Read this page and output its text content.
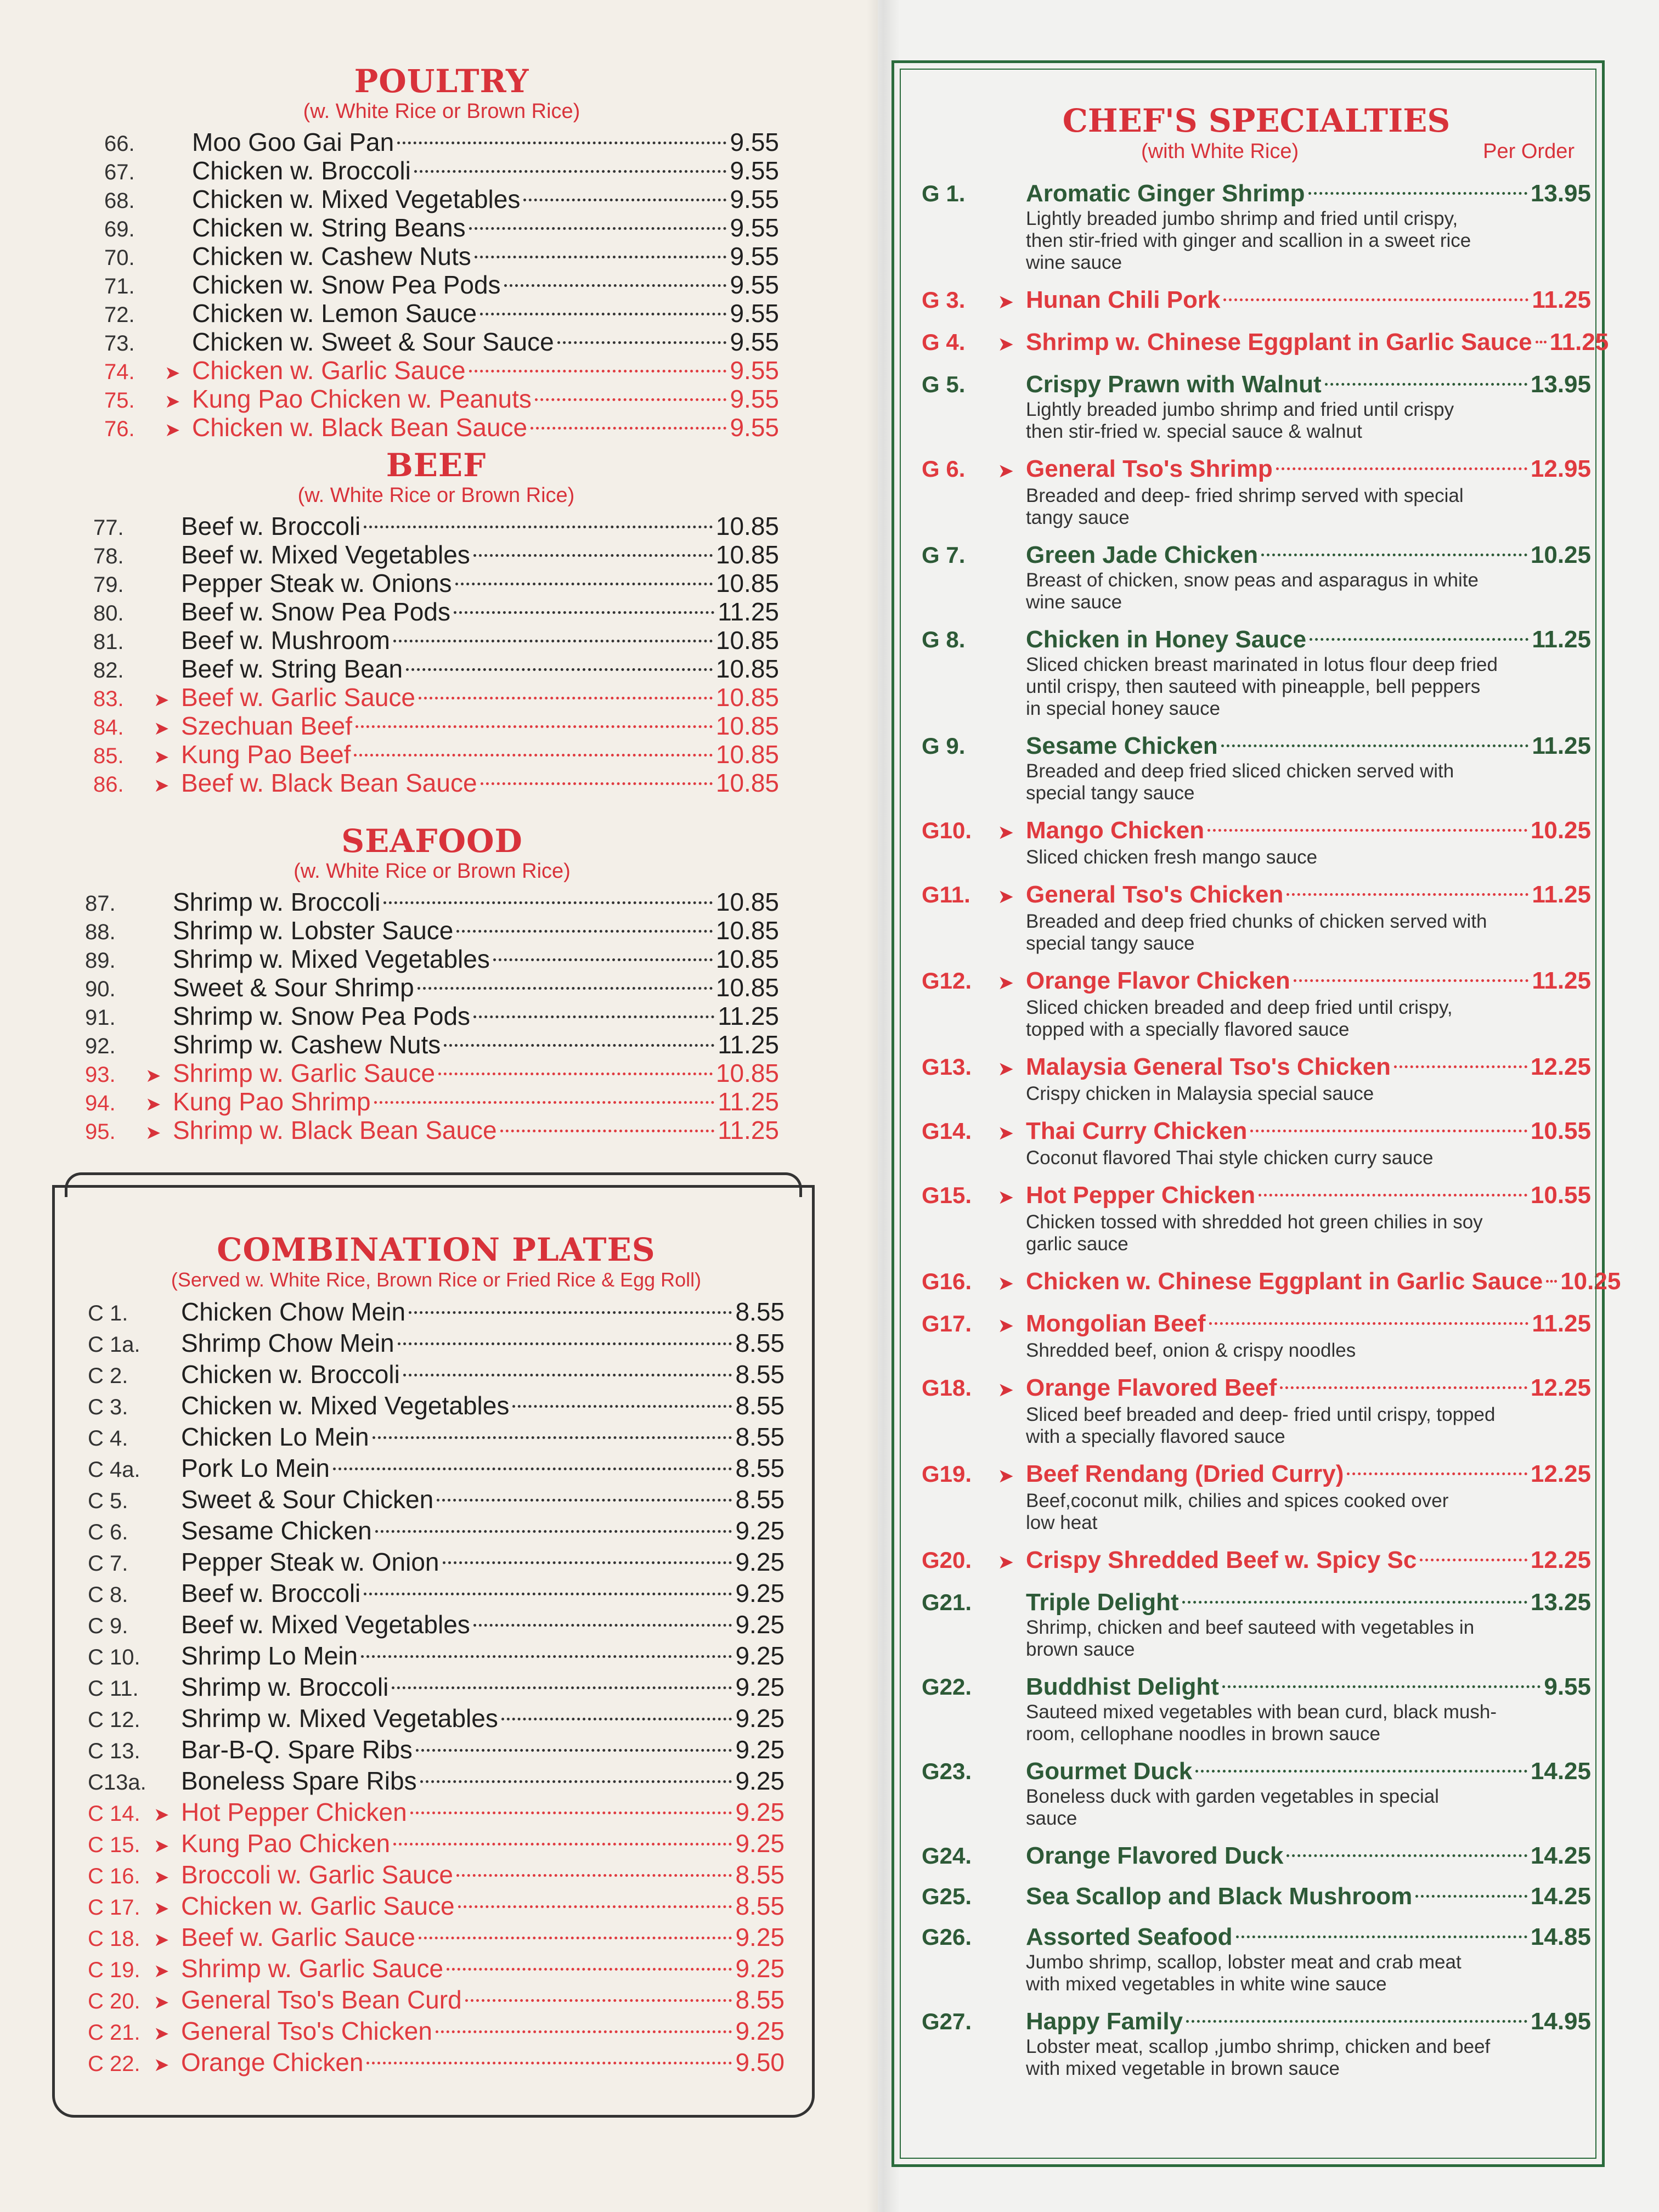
POULTRY
(w. White Rice or Brown Rice)
66.	Moo Goo Gai Pan	9.55
67.	Chicken w. Broccoli	9.55
68.	Chicken w. Mixed Vegetables	9.55
69.	Chicken w. String Beans	9.55
70.	Chicken w. Cashew Nuts	9.55
71.	Chicken w. Snow Pea Pods	9.55
72.	Chicken w. Lemon Sauce	9.55
73.	Chicken w. Sweet & Sour Sauce	9.55
74.	➤ Chicken w. Garlic Sauce	9.55
75.	➤ Kung Pao Chicken w. Peanuts	9.55
76.	➤ Chicken w. Black Bean Sauce	9.55
BEEF
(w. White Rice or Brown Rice)
77.	Beef w. Broccoli	10.85
78.	Beef w. Mixed Vegetables	10.85
79.	Pepper Steak w. Onions	10.85
80.	Beef w. Snow Pea Pods	11.25
81.	Beef w. Mushroom	10.85
82.	Beef w. String Bean	10.85
83.	➤ Beef w. Garlic Sauce	10.85
84.	➤ Szechuan Beef	10.85
85.	➤ Kung Pao Beef	10.85
86.	➤ Beef w. Black Bean Sauce	10.85
SEAFOOD
(w. White Rice or Brown Rice)
87.	Shrimp w. Broccoli	10.85
88.	Shrimp w. Lobster Sauce	10.85
89.	Shrimp w. Mixed Vegetables	10.85
90.	Sweet & Sour Shrimp	10.85
91.	Shrimp w. Snow Pea Pods	11.25
92.	Shrimp w. Cashew Nuts	11.25
93.	➤ Shrimp w. Garlic Sauce	10.85
94.	➤ Kung Pao Shrimp	11.25
95.	➤ Shrimp w. Black Bean Sauce	11.25
COMBINATION PLATES
(Served w. White Rice, Brown Rice or Fried Rice & Egg Roll)
C 1.	Chicken Chow Mein	8.55
C 1a.	Shrimp Chow Mein	8.55
C 2.	Chicken w. Broccoli	8.55
C 3.	Chicken w. Mixed Vegetables	8.55
C 4.	Chicken Lo Mein	8.55
C 4a.	Pork Lo Mein	8.55
C 5.	Sweet & Sour Chicken	8.55
C 6.	Sesame Chicken	9.25
C 7.	Pepper Steak w. Onion	9.25
C 8.	Beef w. Broccoli	9.25
C 9.	Beef w. Mixed Vegetables	9.25
C 10.	Shrimp Lo Mein	9.25
C 11.	Shrimp w. Broccoli	9.25
C 12.	Shrimp w. Mixed Vegetables	9.25
C 13.	Bar-B-Q. Spare Ribs	9.25
C13a. Boneless Spare Ribs	9.25
C 14. ➤ Hot Pepper Chicken	9.25
C 15. ➤ Kung Pao Chicken	9.25
C 16. ➤ Broccoli w. Garlic Sauce	8.55
C 17. ➤ Chicken w. Garlic Sauce	8.55
C 18. ➤ Beef w. Garlic Sauce	9.25
C 19. ➤ Shrimp w. Garlic Sauce	9.25
C 20. ➤ General Tso's Bean Curd	8.55
C 21. ➤ General Tso's Chicken	9.25
C 22. ➤ Orange Chicken	9.50
CHEF'S SPECIALTIES
(with White Rice)	Per Order
G 1.	Aromatic Ginger Shrimp	13.95
Lightly breaded jumbo shrimp and fried until crispy,
then stir-fried with ginger and scallion in a sweet rice
wine sauce
G 3.	➤ Hunan Chili Pork	11.25
G 4.	➤ Shrimp w. Chinese Eggplant in Garlic Sauce 11.25
G 5.	Crispy Prawn with Walnut	13.95
Lightly breaded jumbo shrimp and fried until crispy
then stir-fried w. special sauce & walnut
G 6.	➤ General Tso's Shrimp	12.95
Breaded and deep- fried shrimp served with special
tangy sauce
G 7.	Green Jade Chicken	10.25
Breast of chicken, snow peas and asparagus in white
wine sauce
G 8.	Chicken in Honey Sauce	11.25
Sliced chicken breast marinated in lotus flour deep fried
until crispy, then sauteed with pineapple, bell peppers
in special honey sauce
G 9.	Sesame Chicken	11.25
Breaded and deep fried sliced chicken served with
special tangy sauce
G10.	➤ Mango Chicken	10.25
Sliced chicken fresh mango sauce
G11.	➤ General Tso's Chicken	11.25
Breaded and deep fried chunks of chicken served with
special tangy sauce
G12.	➤ Orange Flavor Chicken	11.25
Sliced chicken breaded and deep fried until crispy,
topped with a specially flavored sauce
G13.	➤ Malaysia General Tso's Chicken	12.25
Crispy chicken in Malaysia special sauce
G14.	➤ Thai Curry Chicken	10.55
Coconut flavored Thai style chicken curry sauce
G15.	➤ Hot Pepper Chicken	10.55
Chicken tossed with shredded hot green chilies in soy
garlic sauce
G16.	➤ Chicken w. Chinese Eggplant in Garlic Sauce 10.25
G17.	➤ Mongolian Beef	11.25
Shredded beef, onion & crispy noodles
G18.	➤ Orange Flavored Beef	12.25
Sliced beef breaded and deep- fried until crispy, topped
with a specially flavored sauce
G19.	➤ Beef Rendang (Dried Curry)	12.25
Beef,coconut milk, chilies and spices cooked over
low heat
G20.	➤ Crispy Shredded Beef w. Spicy Sc	12.25
G21.	Triple Delight	13.25
Shrimp, chicken and beef sauteed with vegetables in
brown sauce
G22.	Buddhist Delight	9.55
Sauteed mixed vegetables with bean curd, black mush-
room, cellophane noodles in brown sauce
G23.	Gourmet Duck	14.25
Boneless duck with garden vegetables in special
sauce
G24.	Orange Flavored Duck	14.25
G25.	Sea Scallop and Black Mushroom	14.25
G26.	Assorted Seafood	14.85
Jumbo shrimp, scallop, lobster meat and crab meat
with mixed vegetables in white wine sauce
G27.	Happy Family	14.95
Lobster meat, scallop ,jumbo shrimp, chicken and beef
with mixed vegetable in brown sauce
